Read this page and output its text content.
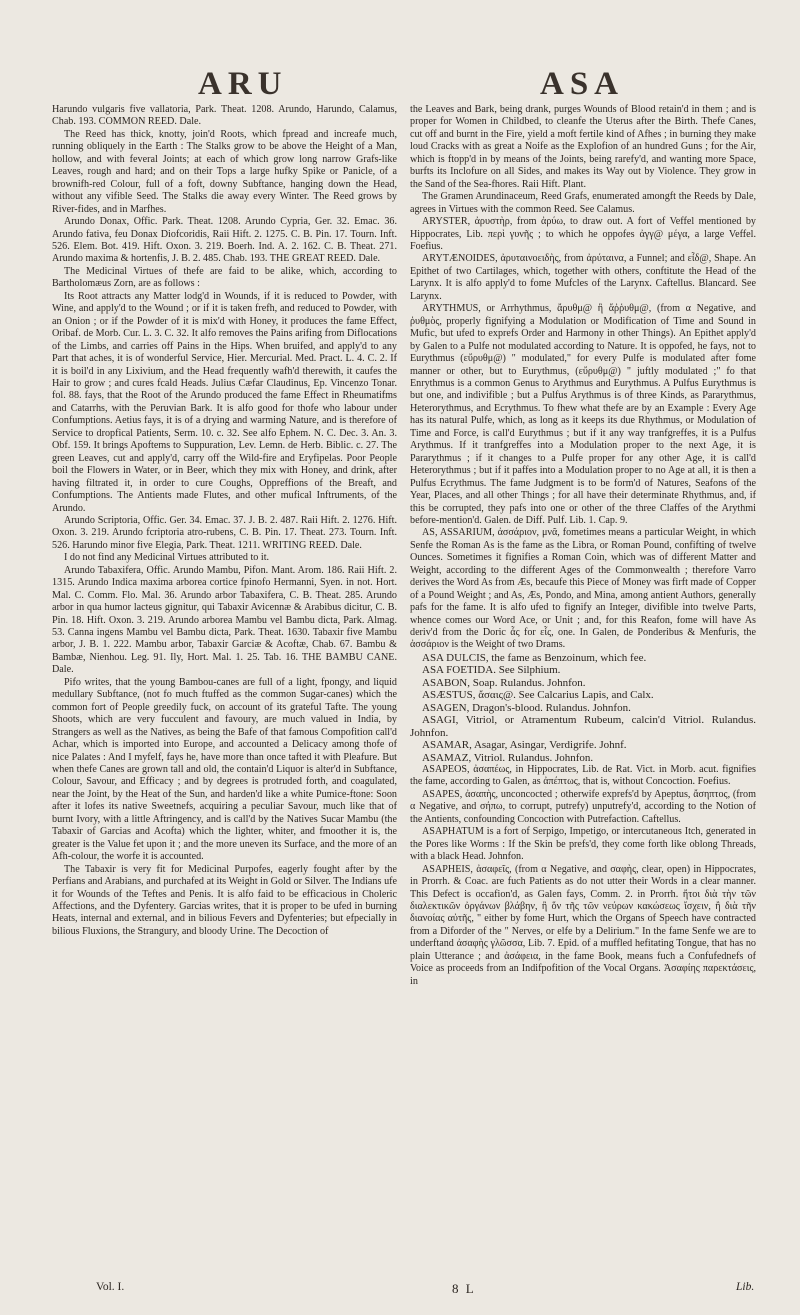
ARU	ASA

Harundo vulgaris five vallatoria, Park. Theat. 1208. Arundo, Harundo, Calamus, Chab. 193. COMMON REED. Dale.

The Reed has thick, knotty, join'd Roots, which fpread and increafe much, running obliquely in the Earth : The Stalks grow to be above the Height of a Man, hollow, and with feveral Joints; at each of which grow long narrow Grafs-like Leaves, rough and hard; and on their Tops a large hufky Spike or Panicle, of a brownifh-red Colour, full of a foft, downy Subftance, hanging down the Head, without any vifible Seed. The Stalks die away every Winter. The Reed grows by River-fides, and in Marfhes.

Arundo Donax, Offic. Park. Theat. 1208. Arundo Cypria, Ger. 32. Emac. 36. Arundo fativa, feu Donax Diofcoridis, Raii Hift. 2. 1275. C. B. Pin. 17. Tourn. Inft. 526. Elem. Bot. 419. Hift. Oxon. 3. 219. Boerh. Ind. A. 2. 162. C. B. Theat. 271. Arundo maxima & hortenfis, J. B. 2. 485. Chab. 193. THE GREAT REED. Dale.

The Medicinal Virtues of thefe are faid to be alike, which, according to Bartholomæus Zorn, are as follows :

Its Root attracts any Matter lodg'd in Wounds, if it is reduced to Powder, with Wine, and apply'd to the Wound ; or if it is taken frefh, and reduced to Powder, with an Onion ; or if the Powder of it is mix'd with Honey, it produces the fame Effect, Oribaf. de Morb. Cur. L. 3. C. 32. It alfo removes the Pains arifing from Diflocations of the Limbs, and carries off Pains in the Hips. When bruifed, and apply'd to any Part that aches, it is of wonderful Service, Hier. Mercurial. Med. Pract. L. 4. C. 2. If it is boil'd in any Lixivium, and the Head frequently wafh'd therewith, it caufes the Hair to grow ; and cures fcald Heads. Julius Cæfar Claudinus, Ep. Vincenzo Tonar. fol. 88. fays, that the Root of the Arundo produced the fame Effect in Rheumatifms and Catarrhs, with the Peruvian Bark. It is alfo good for thofe who labour under Confumptions. Aetius fays, it is of a drying and warming Nature, and is therefore of Service to dropfical Patients, Serm. 10. c. 32. See alfo Ephem. N. C. Dec. 3. An. 3. Obf. 159. It brings Apoftems to Suppuration, Lev. Lemn. de Herb. Biblic. c. 27. The green Leaves, cut and apply'd, carry off the Wild-fire and Eryfipelas. Poor People boil the Flowers in Water, or in Beer, which they mix with Honey, and drink, after having filtrated it, in order to cure Coughs, Oppreffions of the Breaft, and Confumptions. The Antients made Flutes, and other mufical Inftruments, of the Arundo.

Arundo Scriptoria, Offic. Ger. 34. Emac. 37. J. B. 2. 487. Raii Hift. 2. 1276. Hift. Oxon. 3. 219. Arundo fcriptoria atro-rubens, C. B. Pin. 17. Theat. 273. Tourn. Inft. 526. Harundo minor five Elegia, Park. Theat. 1211. WRITING REED. Dale.

I do not find any Medicinal Virtues attributed to it.

Arundo Tabaxifera, Offic. Arundo Mambu, Pifon. Mant. Arom. 186. Raii Hift. 2. 1315. Arundo Indica maxima arborea cortice fpinofo Hermanni, Syen. in not. Hort. Mal. C. Comm. Flo. Mal. 36. Arundo arbor Tabaxifera, C. B. Theat. 285. Arundo arbor in qua humor lacteus gignitur, qui Tabaxir Avicennæ & Arabibus dicitur, C. B. Pin. 18. Hift. Oxon. 3. 219. Arundo arborea Mambu vel Bambu dicta, Park. Almag. 53. Canna ingens Mambu vel Bambu dicta, Park. Theat. 1630. Tabaxir five Mambu arbor, J. B. 1. 222. Mambu arbor, Tabaxir Garciæ & Acoftæ, Chab. 67. Bambu & Bambæ, Nienhou. Leg. 91. Ily, Hort. Mal. 1. 25. Tab. 16. THE BAMBU CANE. Dale.

Pifo writes, that the young Bambou-canes are full of a light, fpongy, and liquid medullary Subftance, (not fo much ftuffed as the common Sugar-canes) which the common fort of People greedily fuck, on account of its grateful Tafte. The young Shoots, which are very fucculent and favoury, are much valued in India, by Strangers as well as the Natives, as being the Bafe of that famous Compofition call'd Achar, which is imported into Europe, and accounted a Delicacy among thofe of nice Palates : And I myfelf, fays he, have more than once tafted it with Pleafure. But when thefe Canes are grown tall and old, the contain'd Liquor is alter'd in Subftance, Colour, Savour, and Efficacy ; and by degrees is protruded forth, and coagulated, near the Joint, by the Heat of the Sun, and harden'd like a white Pumice-ftone: Soon after it lofes its native Sweetnefs, acquiring a peculiar Savour, much like that of burnt Ivory, with a little Aftringency, and is call'd by the Natives Sucar Mambu (the Tabaxir of Garcias and Acofta) which the lighter, whiter, and fmoother it is, the greater is the Value fet upon it ; and the more uneven its Surface, and the more of an Afh-colour, the worfe it is accounted.

The Tabaxir is very fit for Medicinal Purpofes, eagerly fought after by the Perfians and Arabians, and purchafed at its Weight in Gold or Silver. The Indians ufe it for Wounds of the Teftes and Penis. It is alfo faid to be efficacious in Choleric Affections, and the Dyfentery. Garcias writes, that it is proper to be ufed in burning Heats, internal and external, and in bilious Fevers and Dyfenteries; but efpecially in bilious Fluxions, the Strangury, and bloody Urine. The Decoction of

the Leaves and Bark, being drank, purges Wounds of Blood retain'd in them ; and is proper for Women in Childbed, to cleanfe the Uterus after the Birth. Thefe Canes, cut off and burnt in the Fire, yield a moft fertile kind of Afhes ; in burning they make loud Cracks with as great a Noife as the Explofion of an hundred Guns ; for the Air, which is ftopp'd in by means of the Joints, being rarefy'd, and wanting more Space, burfts its Inclofure on all Sides, and makes its Way out by Violence. They grow in the Sand of the Sea-fhores. Raii Hift. Plant.

The Gramen Arundinaceum, Reed Grafs, enumerated amongft the Reeds by Dale, agrees in Virtues with the common Reed. See Calamus.

ARYSTER, ἀρυστὴρ, from ἀρύω, to draw out. A fort of Veffel mentioned by Hippocrates, Lib. περὶ γυνῆς ; to which he oppofes ἀγγ@ μέγα, a large Veffel. Foefius.

ARYTÆNOIDES, ἀρυταινοειδὴς, from ἀρύταινα, a Funnel; and εἶδ@, Shape. An Epithet of two Cartilages, which, together with others, conftitute the Head of the Larynx. It is alfo apply'd to fome Mufcles of the Larynx. Caftellus. Blancard. See Larynx.

ARYTHMUS, or Arrhythmus, ἄρυθμ@ ἢ ἄῤῥυθμ@, (from α Negative, and ῥυθμὸς, properly fignifying a Modulation or Modification of Time and Sound in Mufic, but ufed to exprefs Order and Harmony in other Things). An Epithet apply'd by Galen to a Pulfe not modulated according to Nature. It is oppofed, he fays, not to Eurythmus (εὔρυθμ@) " modulated," for every Pulfe is modulated after fome manner or other, but to Eurythmus, (εὔρυθμ@) " juftly modulated ;" fo that Enrythmus is a common Genus to Arythmus and Eurythmus. A Pulfus Eurythmus is but one, and indivifible ; but a Pulfus Arythmus is of three Kinds, as Pararythmus, Heterorythmus, and Ecrythmus. To fhew what thefe are by an Example : Every Age has its natural Pulfe, which, as long as it keeps its due Rhythmus, or Modulation of Time and Force, is call'd Eurythmus ; but if it any way tranfgreffes, it is a Pulfus Arythmus. If it tranfgreffes into a Modulation proper to the next Age, it is Pararythmus ; if it changes to a Pulfe proper for any other Age, it is call'd Heterorythmus ; but if it paffes into a Modulation proper to no Age at all, it is then a Pulfus Ecrythmus. The fame Judgment is to be form'd of Natures, Seafons of the Year, Places, and all other Things ; for all have their determinate Rhythmus, and, if this be corrupted, they pafs into one or other of the three Claffes of the Arythmi before-mention'd. Galen. de Diff. Pulf. Lib. 1. Cap. 9.

AS, ASSARIUM, ἀσσάριον, μνᾶ, fometimes means a particular Weight, in which Senfe the Roman As is the fame as the Libra, or Roman Pound, confifting of twelve Ounces. Sometimes it fignifies a Roman Coin, which was of different Matter and Weight, according to the different Ages of the Commonwealth ; therefore Varro derives the Word As from Æs, becaufe this Piece of Money was firft made of Copper of a Pound Weight ; and As, Æs, Pondo, and Mina, among antient Authors, generally pafs for the fame. It is alfo ufed to fignify an Integer, divifible into twelve Parts, whence comes our Word Ace, or Unit ; and, for this Reafon, fome will have As deriv'd from the Doric ἆς for εἷς, one. In Galen, de Ponderibus & Menfuris, the ἀσσάριον is the Weight of two Drams.

ASA DULCIS, the fame as Benzoinum, which fee.

ASA FOETIDA. See Silphium.

ASABON, Soap. Rulandus. Johnfon.

ASÆSTUS, ἄσαις@. See Calcarius Lapis, and Calx.

ASAGEN, Dragon's-blood. Rulandus. Johnfon.

ASAGI, Vitriol, or Atramentum Rubeum, calcin'd Vitriol. Rulandus. Johnfon.

ASAMAR, Asagar, Asingar, Verdigrife. Johnf.

ASAMAZ, Vitriol. Rulandus. Johnfon.

ASAPEOS, ἀσαπέως, in Hippocrates, Lib. de Rat. Vict. in Morb. acut. fignifies the fame, according to Galen, as ἀπέπτως, that is, without Concoction. Foefius.

ASAPES, ἀσαπὴς, unconcocted ; otherwife exprefs'd by Apeptus, ἄσηπτος, (from α Negative, and σήπω, to corrupt, putrefy) unputrefy'd, according to the Notion of the Antients, confounding Concoction with Putrefaction. Caftellus.

ASAPHATUM is a fort of Serpigo, Impetigo, or intercutaneous Itch, generated in the Pores like Worms : If the Skin be prefs'd, they come forth like oblong Threads, with a black Head. Johnfon.

ASAPHEIS, ἀσαφεῖς, (from α Negative, and σαφὴς, clear, open) in Hippocrates, in Prorrh. & Coac. are fuch Patients as do not utter their Words in a clear manner. This Defect is occafion'd, as Galen fays, Comm. 2. in Prorrh. ἤτοι διὰ τὴν τῶν διαλεκτικῶν ὀργάνων βλάβην, ἢ ὅν τῆς τῶν νεύρων κακώσεως ἴσχειν, ἢ διὰ τῆν διανοίας αὐτῆς, " either by fome Hurt, which the Organs of Speech have contracted from a Diforder of the " Nerves, or elfe by a Delirium." In the fame Senfe we are to underftand ἀσαφὴς γλῶσσα, Lib. 7. Epid. of a muffled hefitating Tongue, that has no plain Utterance ; and ἀσάφεια, in the fame Book, means fuch a Confufednefs of Voice as proceeds from an Indifpofition of the Vocal Organs. Ἀσαφίης παρεκτάσεις, in

Vol. I.	8 L	Lib.
